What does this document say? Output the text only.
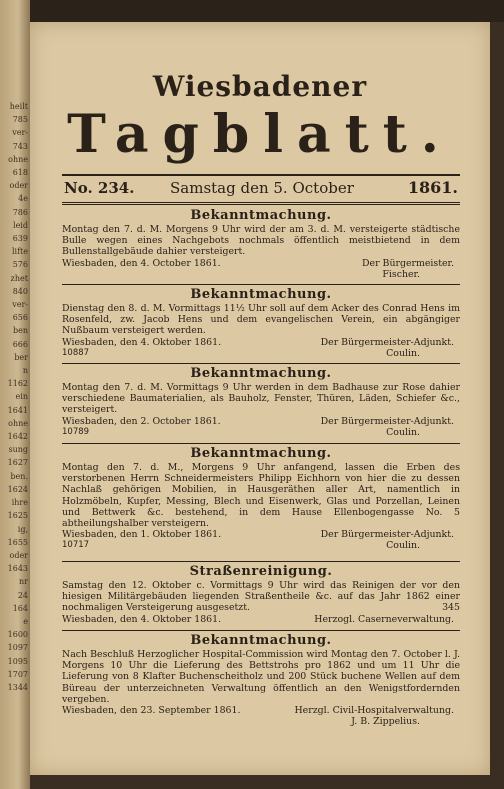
heilt
785
ver-
743
ohne
618
oder
4e
786
leid
639
lifte
576
zhet
840
ver-
656
ben
666
ber
n
1162
ein
1641
ohne
1642
sung
1627
ben.
1624
ihre
1625
ig,
1655
oder
1643
nr
24
164
e
1600
1097
1095
1707
1344
Wiesbadener
Tagblatt.
No. 234. Samstag den 5. October	1861.
Bekanntmachung.
Montag den 7. d. M. Morgens 9 Uhr wird der am 3. d. M. versteigerte städtische Bulle wegen eines Nachgebots nochmals öffentlich meistbietend in dem Bullenstallgebäude dahier versteigert.
Wiesbaden, den 4. October 1861.	Der Bürgermeister.
Fischer.
Bekanntmachung.
Dienstag den 8. d. M. Vormittags 11½ Uhr soll auf dem Acker des Conrad Hens im Rosenfeld, zw. Jacob Hens und dem evangelischen Verein, ein abgängiger Nußbaum versteigert werden.
Wiesbaden, den 4. Oktober 1861.	Der Bürgermeister-Adjunkt.
10887	Coulin.
Bekanntmachung.
Montag den 7. d. M. Vormittags 9 Uhr werden in dem Badhause zur Rose dahier verschiedene Baumaterialien, als Bauholz, Fenster, Thüren, Läden, Schiefer &c., versteigert.
Wiesbaden, den 2. October 1861.	Der Bürgermeister-Adjunkt.
10789	Coulin.
Bekanntmachung.
Montag den 7. d. M., Morgens 9 Uhr anfangend, lassen die Erben des verstorbenen Herrn Schneidermeisters Philipp Eichhorn von hier die zu dessen Nachlaß gehörigen Mobilien, in Hausgeräthen aller Art, namentlich in Holzmöbeln, Kupfer, Messing, Blech und Eisenwerk, Glas und Porzellan, Leinen und Bettwerk &c. bestehend, in dem Hause Ellenbogengasse No. 5 abtheilungshalber versteigern.
Wiesbaden, den 1. Oktober 1861.	Der Bürgermeister-Adjunkt.
10717	Coulin.
Straßenreinigung.
Samstag den 12. Oktober c. Vormittags 9 Uhr wird das Reinigen der vor den hiesigen Militärgebäuden liegenden Straßentheile &c. auf das Jahr 1862 einer nochmaligen Versteigerung ausgesetzt.	345
Wiesbaden, den 4. Oktober 1861.	Herzogl. Caserneverwaltung.
Bekanntmachung.
Nach Beschluß Herzoglicher Hospital-Commission wird Montag den 7. October l. J. Morgens 10 Uhr die Lieferung des Bettstrohs pro 1862 und um 11 Uhr die Lieferung von 8 Klafter Buchenscheitholz und 200 Stück buchene Wellen auf dem Büreau der unterzeichneten Verwaltung öffentlich an den Wenigstfordernden vergeben.
Wiesbaden, den 23. September 1861.	Herzgl. Civil-Hospitalverwaltung.
J. B. Zippelius.
